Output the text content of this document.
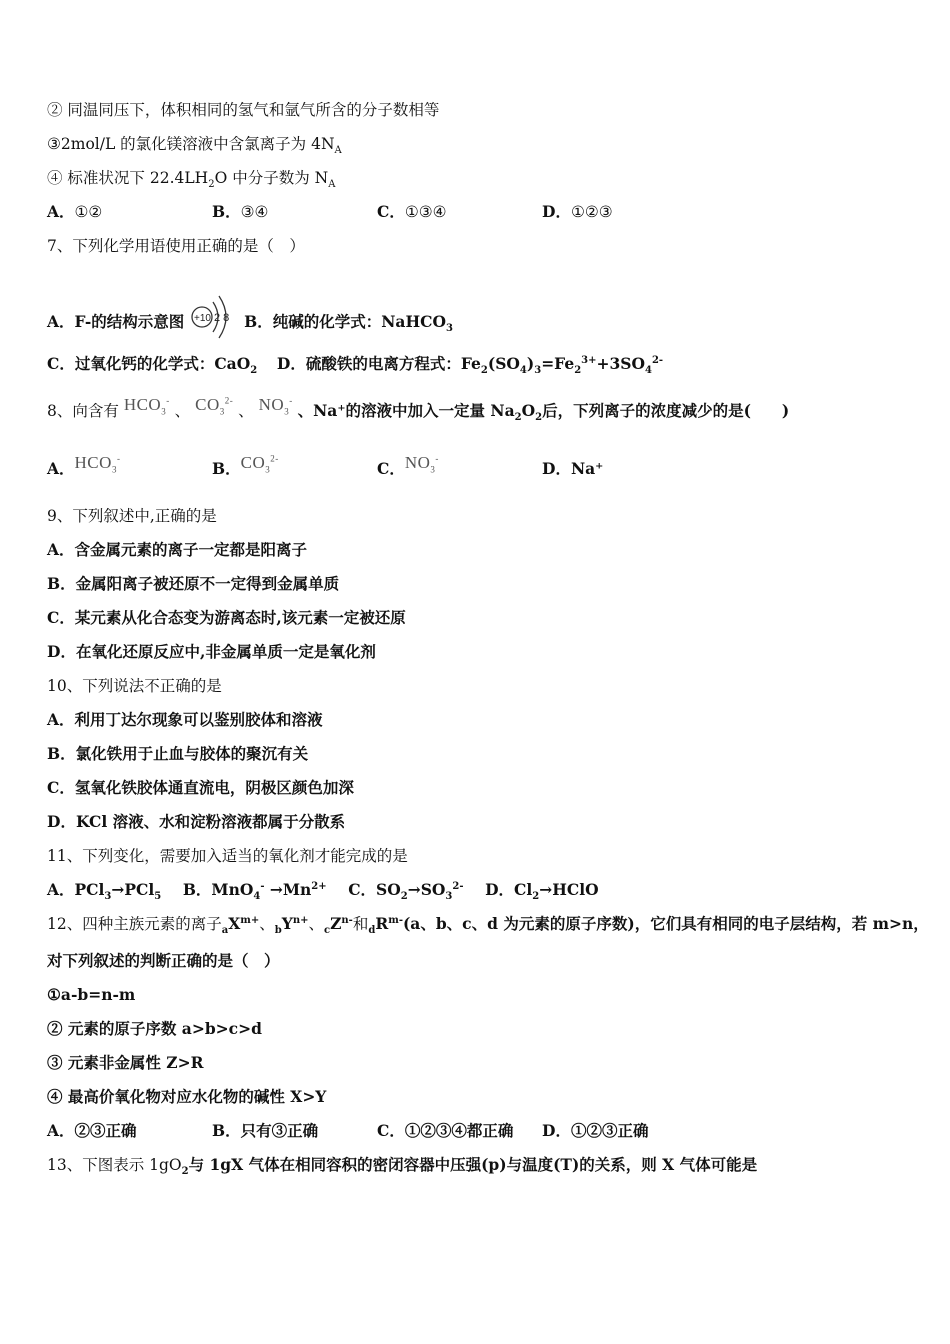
② 同温同压下，体积相同的氢气和氩气所含的分子数相等
③2mol/L 的氯化镁溶液中含氯离子为 $4N_A$
④ 标准状况下 $22.4LH_2O$ 中分子数为 $N_A$
A．①②	B．③④	C．①③④	D．①②③
7、下列化学用语使用正确的是（　）
A．F-的结构示意图 +10 2 8 B．纯碱的化学式：NaHCO$_3$
C．过氧化钙的化学式：CaO$_2$ D．硫酸铁的电离方程式：$Fe_2(SO_4)_3=Fe_2^{3+}+3SO_4^{2-}$
8、向含有 $HCO_3^-$ 、 $CO_3^{2-}$ 、 $NO_3^-$ 、Na⁺的溶液中加入一定量 $Na_2O_2$后，下列离子的浓度减少的是(　　)
A．$HCO_3^-B$．$CO_3^{2-}C$．$NO_3^-D$．Na⁺
9、下列叙述中,正确的是
A．含金属元素的离子一定都是阳离子
B．金属阳离子被还原不一定得到金属单质
C．某元素从化合态变为游离态时,该元素一定被还原
D．在氧化还原反应中,非金属单质一定是氧化剂
10、下列说法不正确的是
A．利用丁达尔现象可以鉴别胶体和溶液
B．氯化铁用于止血与胶体的聚沉有关
C．氢氧化铁胶体通直流电，阴极区颜色加深
D．KCl 溶液、水和淀粉溶液都属于分散系
11、下列变化，需要加入适当的氧化剂才能完成的是
A．PCl$_3$→PCl$_5$ B．$MnO_4^- \to Mn^{2+}$ C．$SO_2\to SO_3^{2-}$ D．$Cl_2\to HClO$
12、四种主族元素的离子$_aX^{m+}$、$_bY^{n+}$、$_cZ^{n-}$和$_dR^{m-}(a$、b、c、d 为元素的原子序数)，它们具有相同的电子层结构，若 m>n，
对下列叙述的判断正确的是（　）
①a-b=n-m
② 元素的原子序数 a>b>c>d
③ 元素非金属性 Z>R
④ 最高价氧化物对应水化物的碱性 X>Y
A．②③正确	B．只有③正确	C．①②③④都正确 D．①②③正确
13、下图表示 $1gO_2$与 1gX 气体在相同容积的密闭容器中压强(p)与温度(T)的关系，则 X 气体可能是
